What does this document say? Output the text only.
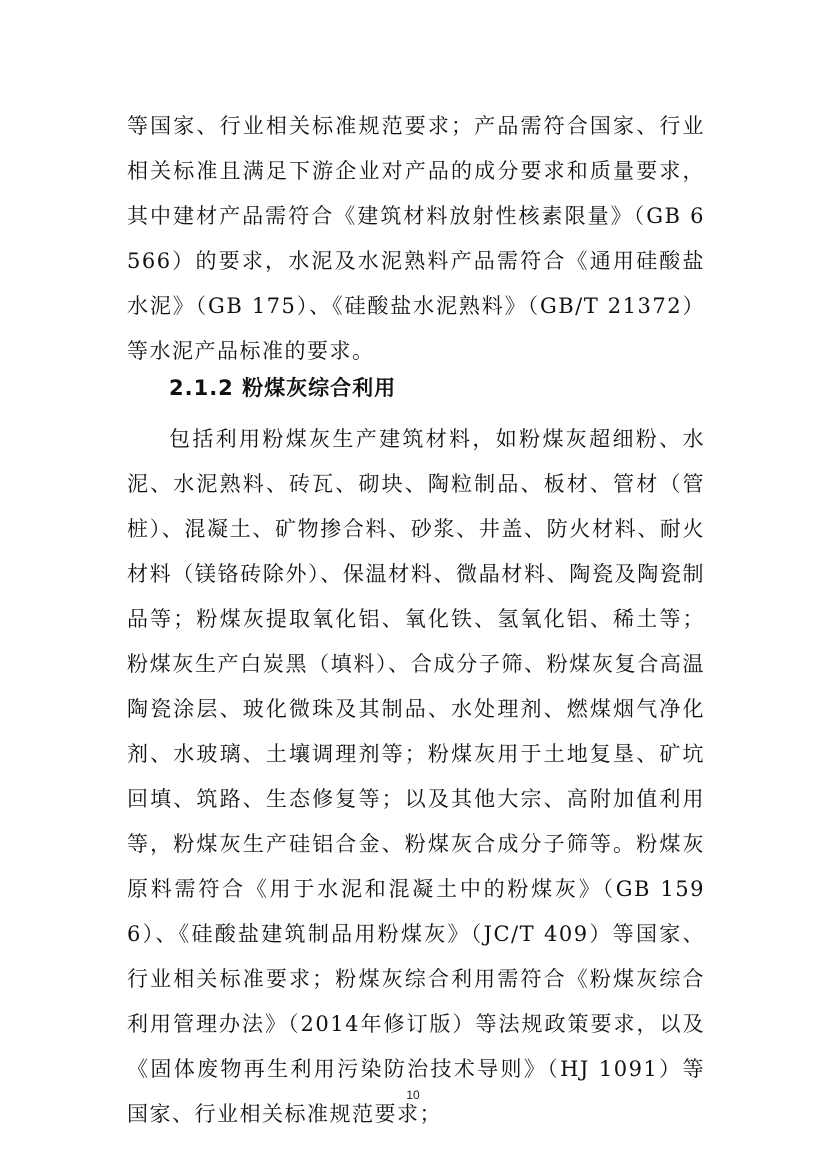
等国家、行业相关标准规范要求；产品需符合国家、行业相关标准且满足下游企业对产品的成分要求和质量要求，其中建材产品需符合《建筑材料放射性核素限量》（GB 6566）的要求，水泥及水泥熟料产品需符合《通用硅酸盐水泥》（GB 175）、《硅酸盐水泥熟料》（GB/T 21372）等水泥产品标准的要求。

2.1.2 粉煤灰综合利用

包括利用粉煤灰生产建筑材料，如粉煤灰超细粉、水泥、水泥熟料、砖瓦、砌块、陶粒制品、板材、管材（管桩）、混凝土、矿物掺合料、砂浆、井盖、防火材料、耐火材料（镁铬砖除外）、保温材料、微晶材料、陶瓷及陶瓷制品等；粉煤灰提取氧化铝、氧化铁、氢氧化铝、稀土等；粉煤灰生产白炭黑（填料）、合成分子筛、粉煤灰复合高温陶瓷涂层、玻化微珠及其制品、水处理剂、燃煤烟气净化剂、水玻璃、土壤调理剂等；粉煤灰用于土地复垦、矿坑回填、筑路、生态修复等；以及其他大宗、高附加值利用等，粉煤灰生产硅铝合金、粉煤灰合成分子筛等。粉煤灰原料需符合《用于水泥和混凝土中的粉煤灰》（GB 1596）、《硅酸盐建筑制品用粉煤灰》（JC/T 409）等国家、行业相关标准要求；粉煤灰综合利用需符合《粉煤灰综合利用管理办法》（2014年修订版）等法规政策要求，以及《固体废物再生利用污染防治技术导则》（HJ 1091）等国家、行业相关标准规范要求；

10
